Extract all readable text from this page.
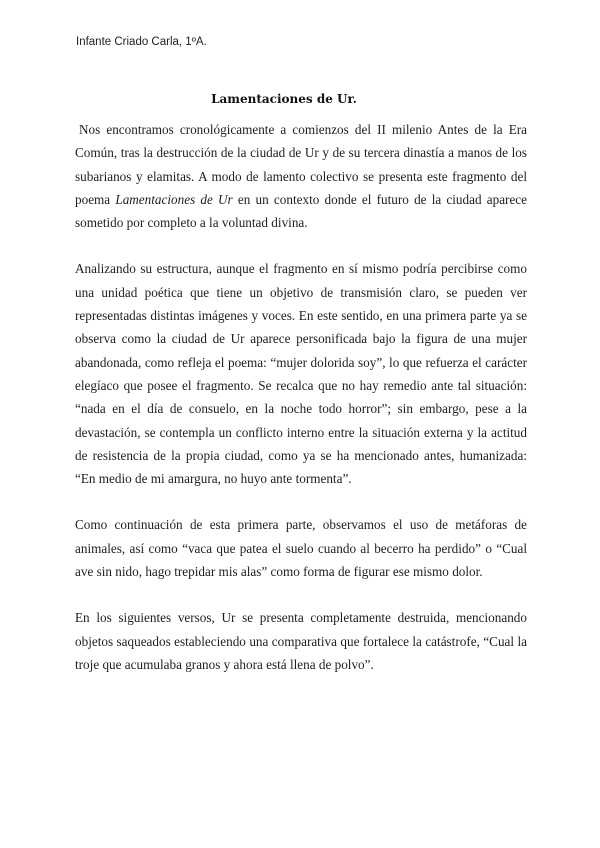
Infante Criado Carla, 1ºA.
Lamentaciones de Ur.

Nos encontramos cronológicamente a comienzos del II milenio Antes de la Era Común, tras la destrucción de la ciudad de Ur y de su tercera dinastía a manos de los subarianos y elamitas. A modo de lamento colectivo se presenta este fragmento del poema Lamentaciones de Ur en un contexto donde el futuro de la ciudad aparece sometido por completo a la voluntad divina.

Analizando su estructura, aunque el fragmento en sí mismo podría percibirse como una unidad poética que tiene un objetivo de transmisión claro, se pueden ver representadas distintas imágenes y voces. En este sentido, en una primera parte ya se observa como la ciudad de Ur aparece personificada bajo la figura de una mujer abandonada, como refleja el poema: “mujer dolorida soy”, lo que refuerza el carácter elegíaco que posee el fragmento. Se recalca que no hay remedio ante tal situación: “nada en el día de consuelo, en la noche todo horror”; sin embargo, pese a la devastación, se contempla un conflicto interno entre la situación externa y la actitud de resistencia de la propia ciudad, como ya se ha mencionado antes, humanizada: “En medio de mi amargura, no huyo ante tormenta”.

Como continuación de esta primera parte, observamos el uso de metáforas de animales, así como “vaca que patea el suelo cuando al becerro ha perdido” o “Cual ave sin nido, hago trepidar mis alas” como forma de figurar ese mismo dolor.

En los siguientes versos, Ur se presenta completamente destruida, mencionando objetos saqueados estableciendo una comparativa que fortalece la catástrofe, “Cual la troje que acumulaba granos y ahora está llena de polvo”.
